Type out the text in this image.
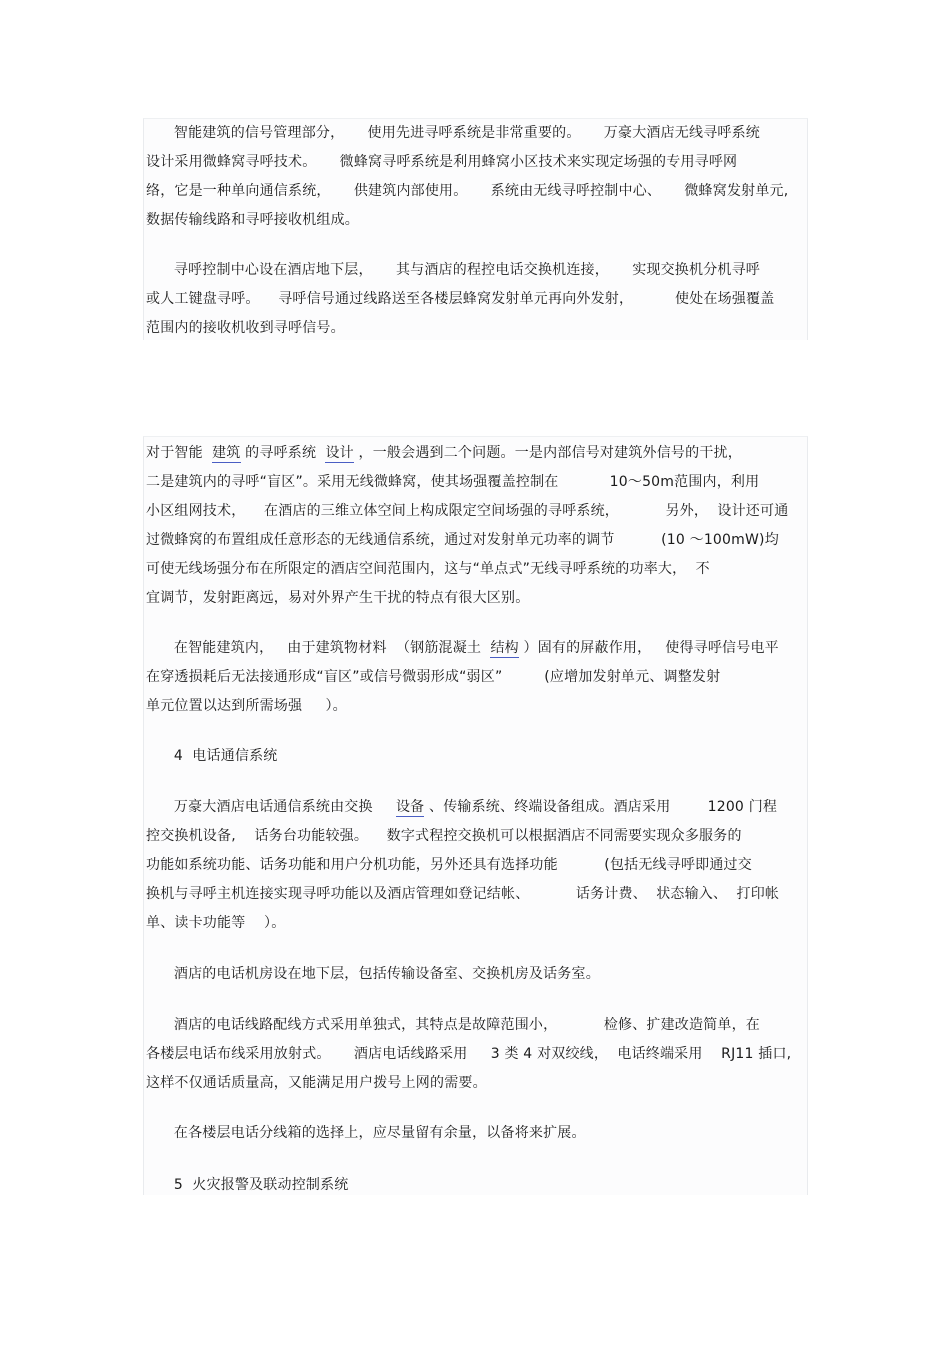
智能建筑的信号管理部分，     使用先进寻呼系统是非常重要的。     万豪大酒店无线寻呼系统
设计采用微蜂窝寻呼技术。     微蜂窝寻呼系统是利用蜂窝小区技术来实现定场强的专用寻呼网
络，它是一种单向通信系统，     供建筑内部使用。     系统由无线寻呼控制中心、     微蜂窝发射单元,
数据传输线路和寻呼接收机组成。
寻呼控制中心设在酒店地下层，     其与酒店的程控电话交换机连接，     实现交换机分机寻呼
或人工键盘寻呼。    寻呼信号通过线路送至各楼层蜂窝发射单元再向外发射，         使处在场强覆盖
范围内的接收机收到寻呼信号。
对于智能  建筑 的寻呼系统  设计 ，一般会遇到二个问题。一是内部信号对建筑外信号的干扰，
二是建筑内的寻呼“盲区”。采用无线微蜂窝，使其场强覆盖控制在           10～50m范围内，利用
小区组网技术，    在酒店的三维立体空间上构成限定空间场强的寻呼系统，          另外，  设计还可通
过微蜂窝的布置组成任意形态的无线通信系统，通过对发射单元功率的调节          (10 ～100mW)均
可使无线场强分布在所限定的酒店空间范围内，这与“单点式”无线寻呼系统的功率大，  不
宜调节，发射距离远，易对外界产生干扰的特点有很大区别。
在智能建筑内，   由于建筑物材料  （钢筋混凝土  结构 ）固有的屏蔽作用，   使得寻呼信号电平
在穿透损耗后无法接通形成“盲区”或信号微弱形成“弱区”         (应增加发射单元、调整发射
单元位置以达到所需场强     ）。
4  电话通信系统
万豪大酒店电话通信系统由交换     设备 、传输系统、终端设备组成。酒店采用        1200 门程
控交换机设备,    话务台功能较强。    数字式程控交换机可以根据酒店不同需要实现众多服务的
功能如系统功能、话务功能和用户分机功能，另外还具有选择功能          (包括无线寻呼即通过交
换机与寻呼主机连接实现寻呼功能以及酒店管理如登记结帐、          话务计费、  状态输入、  打印帐
单、读卡功能等    ）。
酒店的电话机房设在地下层，包括传输设备室、交换机房及话务室。
酒店的电话线路配线方式采用单独式，其特点是故障范围小，          检修、扩建改造简单，在
各楼层电话布线采用放射式。     酒店电话线路采用     3 类 4 对双绞线，  电话终端采用    RJ11 插口,
这样不仅通话质量高，又能满足用户拨号上网的需要。
在各楼层电话分线箱的选择上，应尽量留有余量，以备将来扩展。
5  火灾报警及联动控制系统
